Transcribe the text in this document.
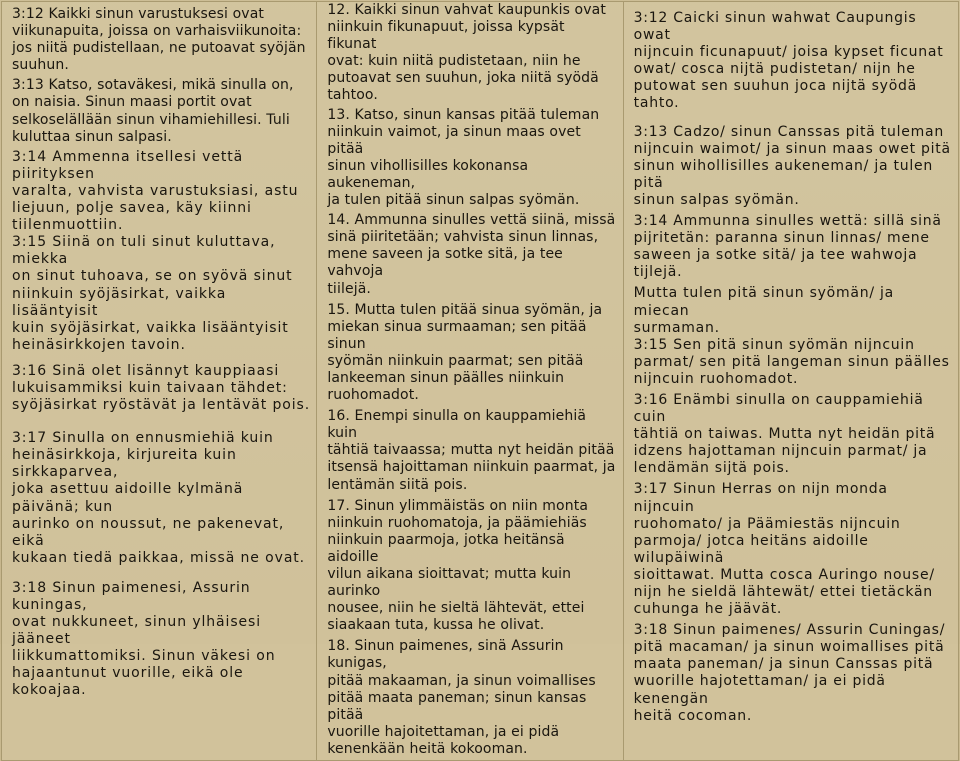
3:12 Kaikki sinun varustuksesi ovat
viikunapuita, joissa on varhaisviikunoita:
jos niitä pudistellaan, ne putoavat syöjän
suuhun.

3:13 Katso, sotaväkesi, mikä sinulla on,
on naisia. Sinun maasi portit ovat
selkoselällään sinun vihamiehillesi. Tuli
kuluttaa sinun salpasi.

3:14 Ammenna itsellesi vettä piirityksen
varalta, vahvista varustuksiasi, astu
liejuun, polje savea, käy kiinni
tiilenmuottiin.

3:15 Siinä on tuli sinut kuluttava, miekka
on sinut tuhoava, se on syövä sinut
niinkuin syöjäsirkat, vaikka lisääntyisit
kuin syöjäsirkat, vaikka lisääntyisit
heinäsirkkojen tavoin.

3:16 Sinä olet lisännyt kauppiaasi
lukuisammiksi kuin taivaan tähdet:
syöjäsirkat ryöstävät ja lentävät pois.

3:17 Sinulla on ennusmiehiä kuin
heinäsirkkoja, kirjureita kuin sirkkaparvea,
joka asettuu aidoille kylmänä päivänä; kun
aurinko on noussut, ne pakenevat, eikä
kukaan tiedä paikkaa, missä ne ovat.

3:18 Sinun paimenesi, Assurin kuningas,
ovat nukkuneet, sinun ylhäisesi jääneet
liikkumattomiksi. Sinun väkesi on
hajaantunut vuorille, eikä ole kokoajaa.

12. Kaikki sinun vahvat kaupunkis ovat
niinkuin fikunapuut, joissa kypsät fikunat
ovat: kuin niitä pudistetaan, niin he
putoavat sen suuhun, joka niitä syödä
tahtoo.

13. Katso, sinun kansas pitää tuleman
niinkuin vaimot, ja sinun maas ovet pitää
sinun vihollisilles kokonansa aukeneman,
ja tulen pitää sinun salpas syömän.

14. Ammunna sinulles vettä siinä, missä
sinä piiritetään; vahvista sinun linnas,
mene saveen ja sotke sitä, ja tee vahvoja
tiilejä.

15. Mutta tulen pitää sinua syömän, ja
miekan sinua surmaaman; sen pitää sinun
syömän niinkuin paarmat; sen pitää
lankeeman sinun päälles niinkuin
ruohomadot.

16. Enempi sinulla on kauppamiehiä kuin
tähtiä taivaassa; mutta nyt heidän pitää
itsensä hajoittaman niinkuin paarmat, ja
lentämän siitä pois.

17. Sinun ylimmäistäs on niin monta
niinkuin ruohomatoja, ja päämiehiäs
niinkuin paarmoja, jotka heitänsä aidoille
vilun aikana sioittavat; mutta kuin aurinko
nousee, niin he sieltä lähtevät, ettei
siaakaan tuta, kussa he olivat.

18. Sinun paimenes, sinä Assurin kunigas,
pitää makaaman, ja sinun voimallises
pitää maata paneman; sinun kansas pitää
vuorille hajoitettaman, ja ei pidä
kenenkään heitä kokooman.

3:12 Caicki sinun wahwat Caupungis owat
nijncuin ficunapuut/ joisa kypset ficunat
owat/ cosca nijtä pudistetan/ nijn he
putowat sen suuhun joca nijtä syödä tahto.

3:13 Cadzo/ sinun Canssas pitä tuleman
nijncuin waimot/ ja sinun maas owet pitä
sinun wihollisilles aukeneman/ ja tulen pitä
sinun salpas syömän.

3:14 Ammunna sinulles wettä: sillä sinä
pijritetän: paranna sinun linnas/ mene
saween ja sotke sitä/ ja tee wahwoja
tijlejä.

Mutta tulen pitä sinun syömän/ ja miecan
surmaman.
3:15 Sen pitä sinun syömän nijncuin
parmat/ sen pitä langeman sinun päälles
nijncuin ruohomadot.

3:16 Enämbi sinulla on cauppamiehiä cuin
tähtiä on taiwas. Mutta nyt heidän pitä
idzens hajottaman nijncuin parmat/ ja
lendämän sijtä pois.

3:17 Sinun Herras on nijn monda nijncuin
ruohomato/ ja Päämiestäs nijncuin
parmoja/ jotca heitäns aidoille wilupäiwinä
sioittawat. Mutta cosca Auringo nouse/
nijn he sieldä lähtewät/ ettei tietäckän
cuhunga he jäävät.

3:18 Sinun paimenes/ Assurin Cuningas/
pitä macaman/ ja sinun woimallises pitä
maata paneman/ ja sinun Canssas pitä
wuorille hajotettaman/ ja ei pidä kenengän
heitä cocoman.
